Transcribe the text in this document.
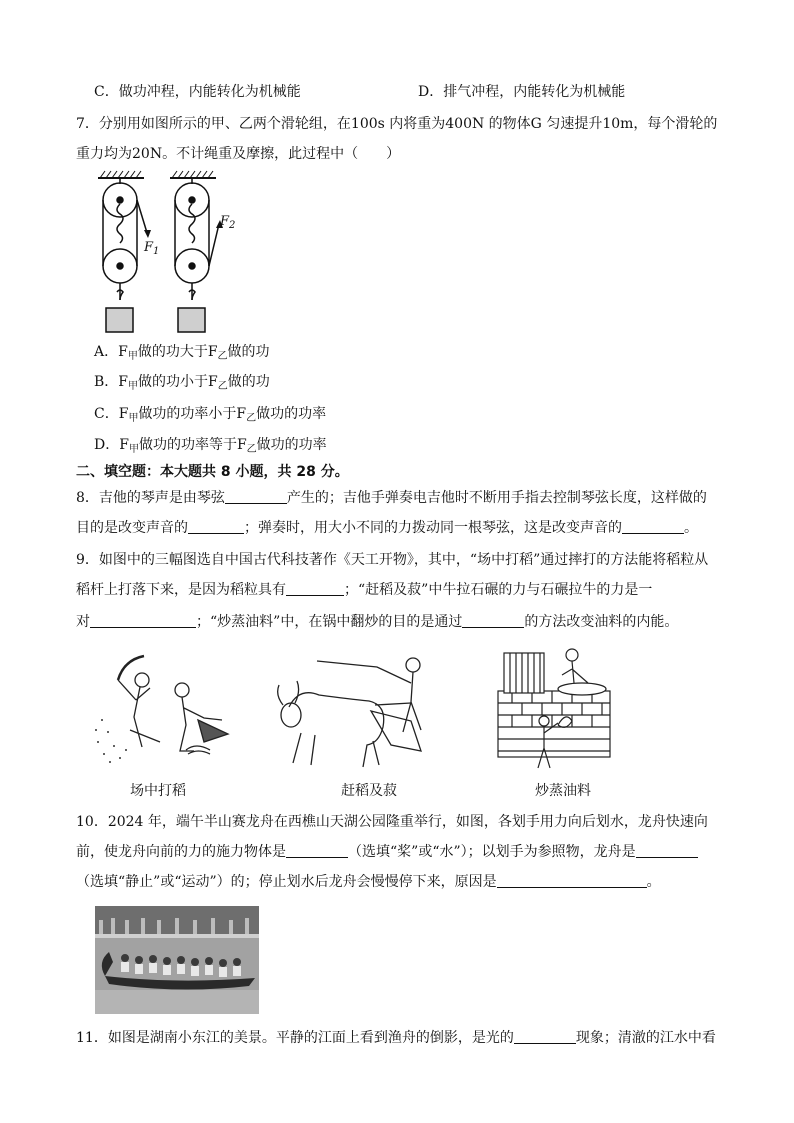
C．做功冲程，内能转化为机械能	D．排气冲程，内能转化为机械能
7．分别用如图所示的甲、乙两个滑轮组，在100s 内将重为400N 的物体G 匀速提升10m，每个滑轮的
重力均为20N。不计绳重及摩擦，此过程中（　　）
$F_1$
$F_2$
A．$F_甲$做的功大于$F_乙$做的功
B．$F_甲$做的功小于$F_乙$做的功
C．$F_甲$做功的功率小于$F_乙$做功的功率
D．$F_甲$做功的功率等于$F_乙$做功的功率
二、填空题：本大题共 8 小题，共 28 分。
8．吉他的琴声是由琴弦	产生的；吉他手弹奏电吉他时不断用手指去控制琴弦长度，这样做的
目的是改变声音的	；弹奏时，用大小不同的力拨动同一根琴弦，这是改变声音的	。
9．如图中的三幅图选自中国古代科技著作《天工开物》，其中，“场中打稻”通过摔打的方法能将稻粒从
稻杆上打落下来，是因为稻粒具有	；“赶稻及菽”中牛拉石碾的力与石碾拉牛的力是一
对	；“炒蒸油料”中，在锅中翻炒的目的是通过	的方法改变油料的内能。
场中打稻	赶稻及菽	炒蒸油料
10．2024 年，端午半山赛龙舟在西樵山天湖公园隆重举行，如图，各划手用力向后划水，龙舟快速向
前，使龙舟向前的力的施力物体是	（选填“桨”或“水”）；以划手为参照物，龙舟是
（选填“静止”或“运动”）的；停止划水后龙舟会慢慢停下来，原因是	。
11．如图是湖南小东江的美景。平静的江面上看到渔舟的倒影，是光的	现象；清澈的江水中看
